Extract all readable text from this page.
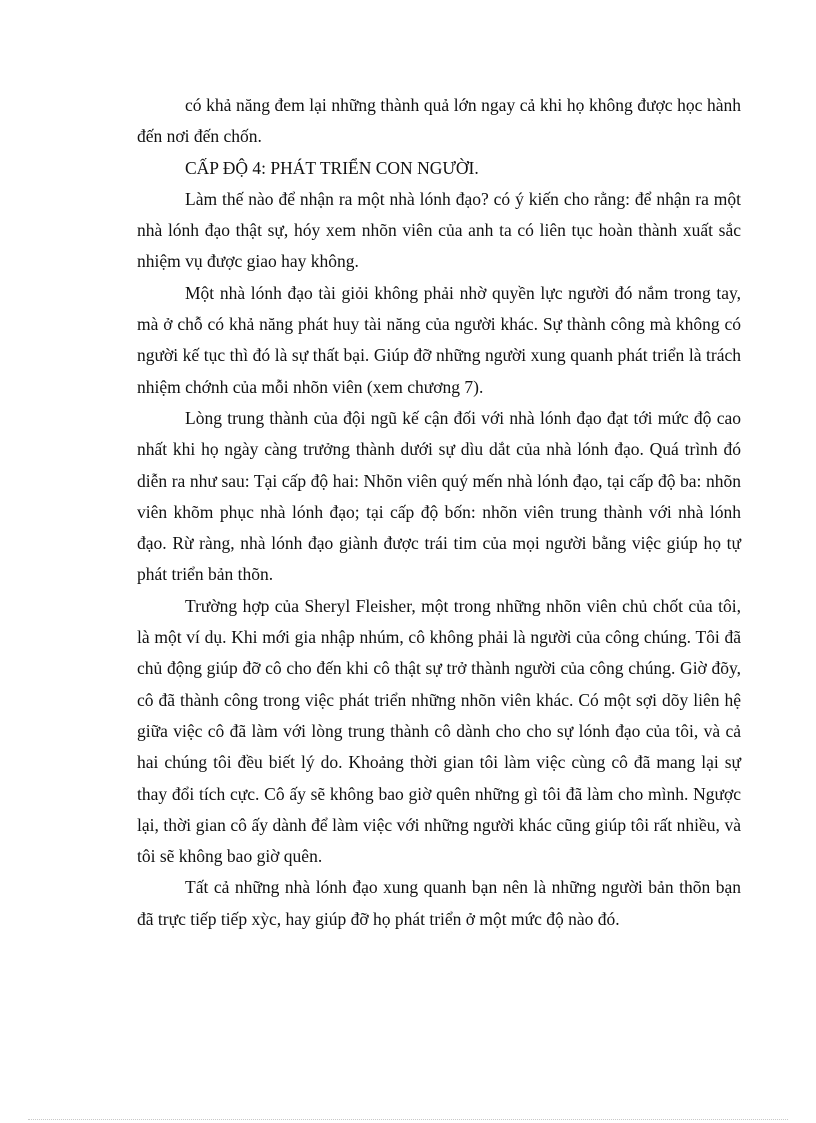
có khả năng đem lại những thành quả lớn ngay cả khi họ không được học hành đến nơi đến chốn.

CẤP ĐỘ 4: PHÁT TRIỂN CON NGƯỜI.

Làm thế nào để nhận ra một nhà lónh đạo? có ý kiến cho rằng: để nhận ra một nhà lónh đạo thật sự, hóy xem nhõn viên của anh ta có liên tục hoàn thành xuất sắc nhiệm vụ được giao hay không.

Một nhà lónh đạo tài giỏi không phải nhờ quyền lực người đó nắm trong tay, mà ở chỗ có khả năng phát huy tài năng của người khác. Sự thành công mà không có người kế tục thì đó là sự thất bại. Giúp đỡ những người xung quanh phát triển là trách nhiệm chớnh của mỗi nhõn viên (xem chương 7).

Lòng trung thành của đội ngũ kế cận đối với nhà lónh đạo đạt tới mức độ cao nhất khi họ ngày càng trưởng thành dưới sự dìu dắt của nhà lónh đạo. Quá trình đó diễn ra như sau: Tại cấp độ hai: Nhõn viên quý mến nhà lónh đạo, tại cấp độ ba: nhõn viên khõm phục nhà lónh đạo; tại cấp độ bốn: nhõn viên trung thành với nhà lónh đạo. Rừ ràng, nhà lónh đạo giành được trái tim của mọi người bằng việc giúp họ tự phát triển bản thõn.

Trường hợp của Sheryl Fleisher, một trong những nhõn viên chủ chốt của tôi, là một ví dụ. Khi mới gia nhập nhúm, cô không phải là người của công chúng. Tôi đã chủ động giúp đỡ cô cho đến khi cô thật sự trở thành người của công chúng. Giờ đõy, cô đã thành công trong việc phát triển những nhõn viên khác. Có một sợi dõy liên hệ giữa việc cô đã làm với lòng trung thành cô dành cho cho sự lónh đạo của tôi, và cả hai chúng tôi đều biết lý do. Khoảng thời gian tôi làm việc cùng cô đã mang lại sự thay đổi tích cực. Cô ấy sẽ không bao giờ quên những gì tôi đã làm cho mình. Ngược lại, thời gian cô ấy dành để làm việc với những người khác cũng giúp tôi rất nhiều, và tôi sẽ không bao giờ quên.

Tất cả những nhà lónh đạo xung quanh bạn nên là những người bản thõn bạn đã trực tiếp tiếp xỳc, hay giúp đỡ họ phát triển ở một mức độ nào đó.
